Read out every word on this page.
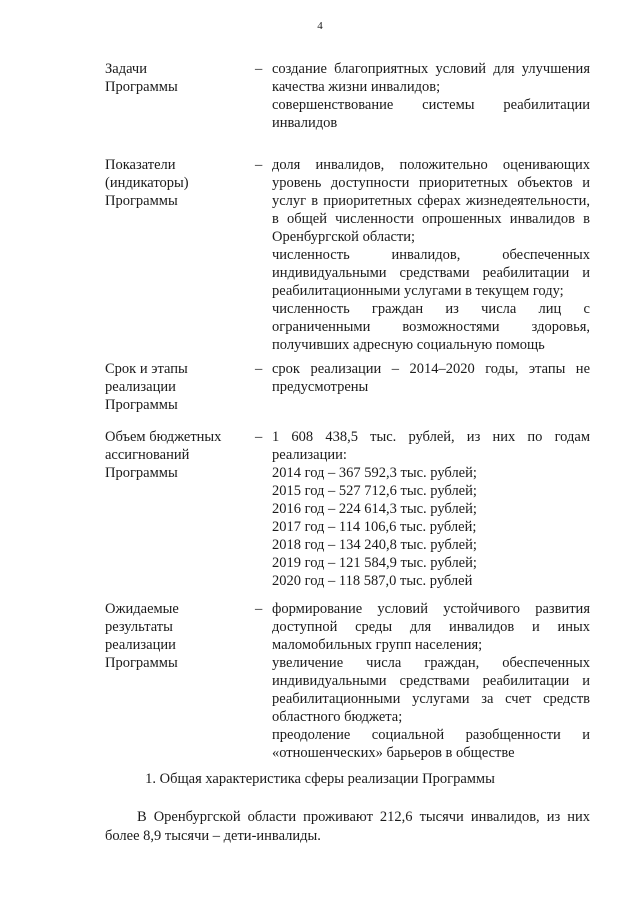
4
Задачи
Программы
– создание благоприятных условий для улучшения качества жизни инвалидов;

совершенствование системы реабилитации инвалидов

Показатели
(индикаторы)
Программы
– доля инвалидов, положительно оценивающих уровень доступности приоритетных объектов и услуг в приоритетных сферах жизнедеятельности, в общей численности опрошенных инвалидов в Оренбургской области;

численность инвалидов, обеспеченных индивидуальными средствами реабилитации и реабилитационными услугами в текущем году;

численность граждан из числа лиц с ограниченными возможностями здоровья, получивших адресную социальную помощь

Срок и этапы
реализации
Программы
– срок реализации – 2014–2020 годы, этапы не предусмотрены

Объем бюджетных
ассигнований
Программы
– 1 608 438,5 тыс. рублей, из них по годам реализации:

2014 год – 367 592,3 тыс. рублей;

2015 год – 527 712,6 тыс. рублей;

2016 год – 224 614,3 тыс. рублей;

2017 год – 114 106,6 тыс. рублей;

2018 год – 134 240,8 тыс. рублей;

2019 год – 121 584,9 тыс. рублей;

2020 год – 118 587,0 тыс. рублей

Ожидаемые
результаты
реализации
Программы
– формирование условий устойчивого развития доступной среды для инвалидов и иных маломобильных групп населения;

увеличение числа граждан, обеспеченных индивидуальными средствами реабилитации и реабилитационными услугами за счет средств областного бюджета;

преодоление социальной разобщенности и «отношенческих» барьеров в обществе

1. Общая характеристика сферы реализации Программы

В Оренбургской области проживают 212,6 тысячи инвалидов, из них более 8,9 тысячи – дети-инвалиды.
